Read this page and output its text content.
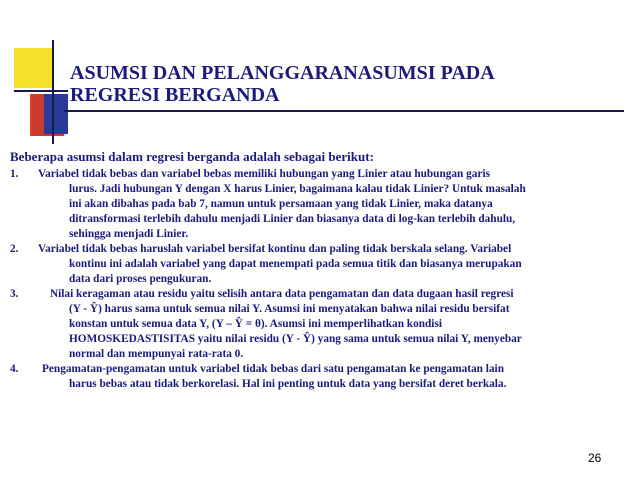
ASUMSI DAN PELANGGARANASUMSI PADA
REGRESI BERGANDA
Beberapa asumsi dalam regresi berganda adalah sebagai berikut:
1.	Variabel tidak bebas dan variabel bebas memiliki hubungan yang Linier atau hubungan garis
lurus. Jadi hubungan Y dengan X harus Linier, bagaimana kalau tidak Linier? Untuk masalah
ini akan dibahas pada bab 7, namun untuk persamaan yang tidak Linier, maka datanya
ditransformasi terlebih dahulu menjadi Linier dan biasanya data di log-kan terlebih dahulu,
sehingga menjadi Linier.
2.	Variabel tidak bebas haruslah variabel bersifat kontinu dan paling tidak berskala selang. Variabel
kontinu ini adalah variabel yang dapat menempati pada semua titik dan biasanya merupakan
data dari proses pengukuran.
3.	Nilai keragaman atau residu yaitu selisih antara data pengamatan dan data dugaan hasil regresi
(Y - Ŷ) harus sama untuk semua nilai Y. Asumsi ini menyatakan bahwa nilai residu bersifat
konstan untuk semua data Y, (Y – Ŷ = θ). Asumsi ini memperlihatkan kondisi
HOMOSKEDASTISITAS yaitu nilai residu (Y - Ŷ) yang sama untuk semua nilai Y, menyebar
normal dan mempunyai rata-rata 0.
4.	Pengamatan-pengamatan untuk variabel tidak bebas dari satu pengamatan ke pengamatan lain
harus bebas atau tidak berkorelasi. Hal ini penting untuk data yang bersifat deret berkala.
26
